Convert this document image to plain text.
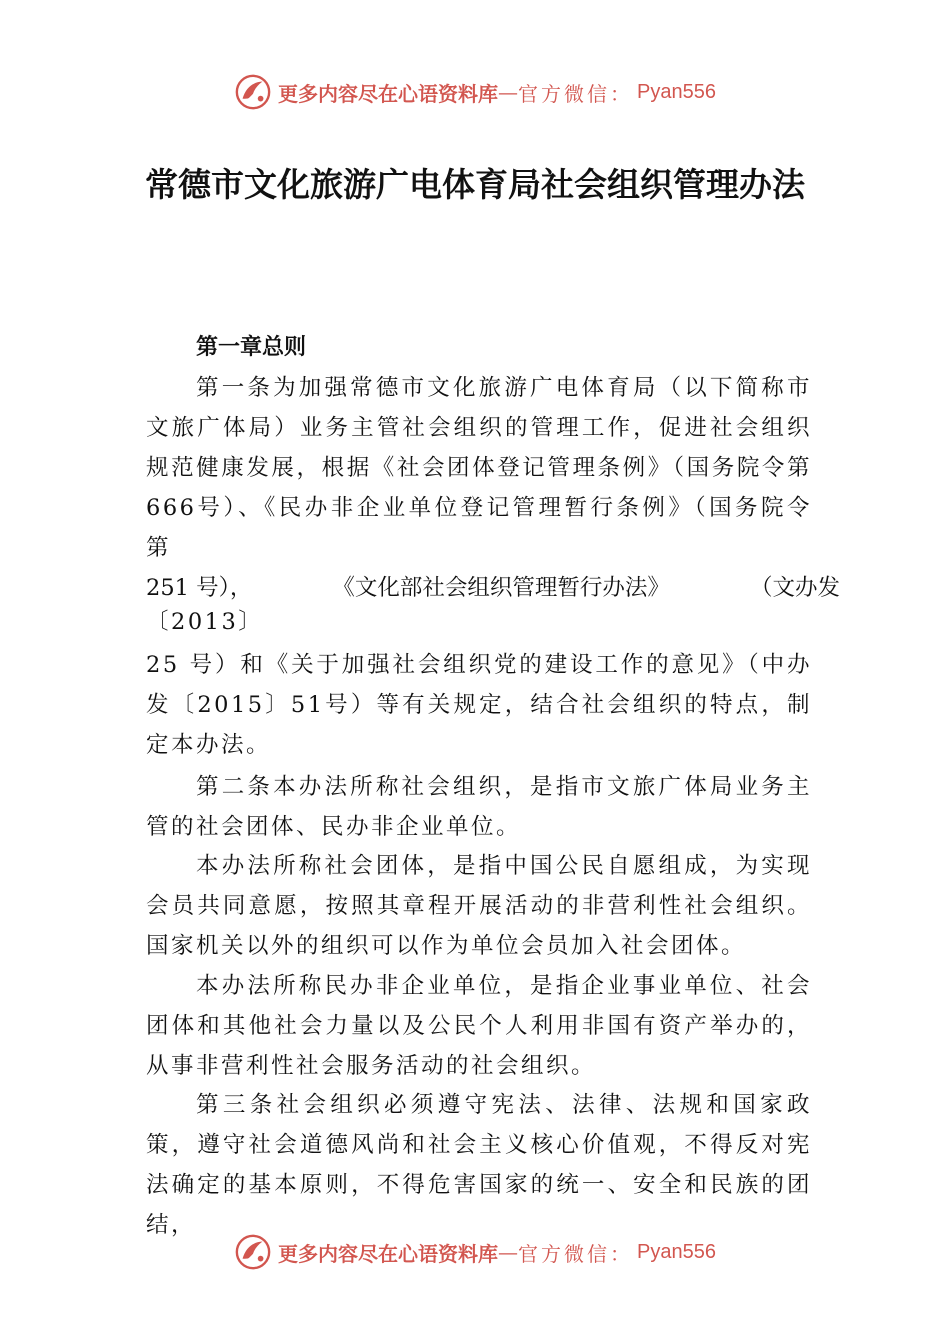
更多内容尽在心语资料库 — 官方微信： Pyan556
常德市文化旅游广电体育局社会组织管理办法
第一章总则

第一条为加强常德市文化旅游广电体育局（以下简称市文旅广体局）业务主管社会组织的管理工作，促进社会组织规范健康发展，根据《社会团体登记管理条例》（国务院令第666号）、《民办非企业单位登记管理暂行条例》（国务院令第

251 号），	《文化部社会组织管理暂行办法》	（文办发
〔2013〕

25 号）和《关于加强社会组织党的建设工作的意见》（中办发〔2015〕51号）等有关规定，结合社会组织的特点，制定本办法。

第二条本办法所称社会组织，是指市文旅广体局业务主管的社会团体、民办非企业单位。

本办法所称社会团体，是指中国公民自愿组成，为实现会员共同意愿，按照其章程开展活动的非营利性社会组织。 国家机关以外的组织可以作为单位会员加入社会团体。

本办法所称民办非企业单位，是指企业事业单位、社会团体和其他社会力量以及公民个人利用非国有资产举办的， 从事非营利性社会服务活动的社会组织。

第三条社会组织必须遵守宪法、法律、法规和国家政策，遵守社会道德风尚和社会主义核心价值观，不得反对宪法确定的基本原则，不得危害国家的统一、安全和民族的团结，

更多内容尽在心语资料库 — 官方微信： Pyan556
